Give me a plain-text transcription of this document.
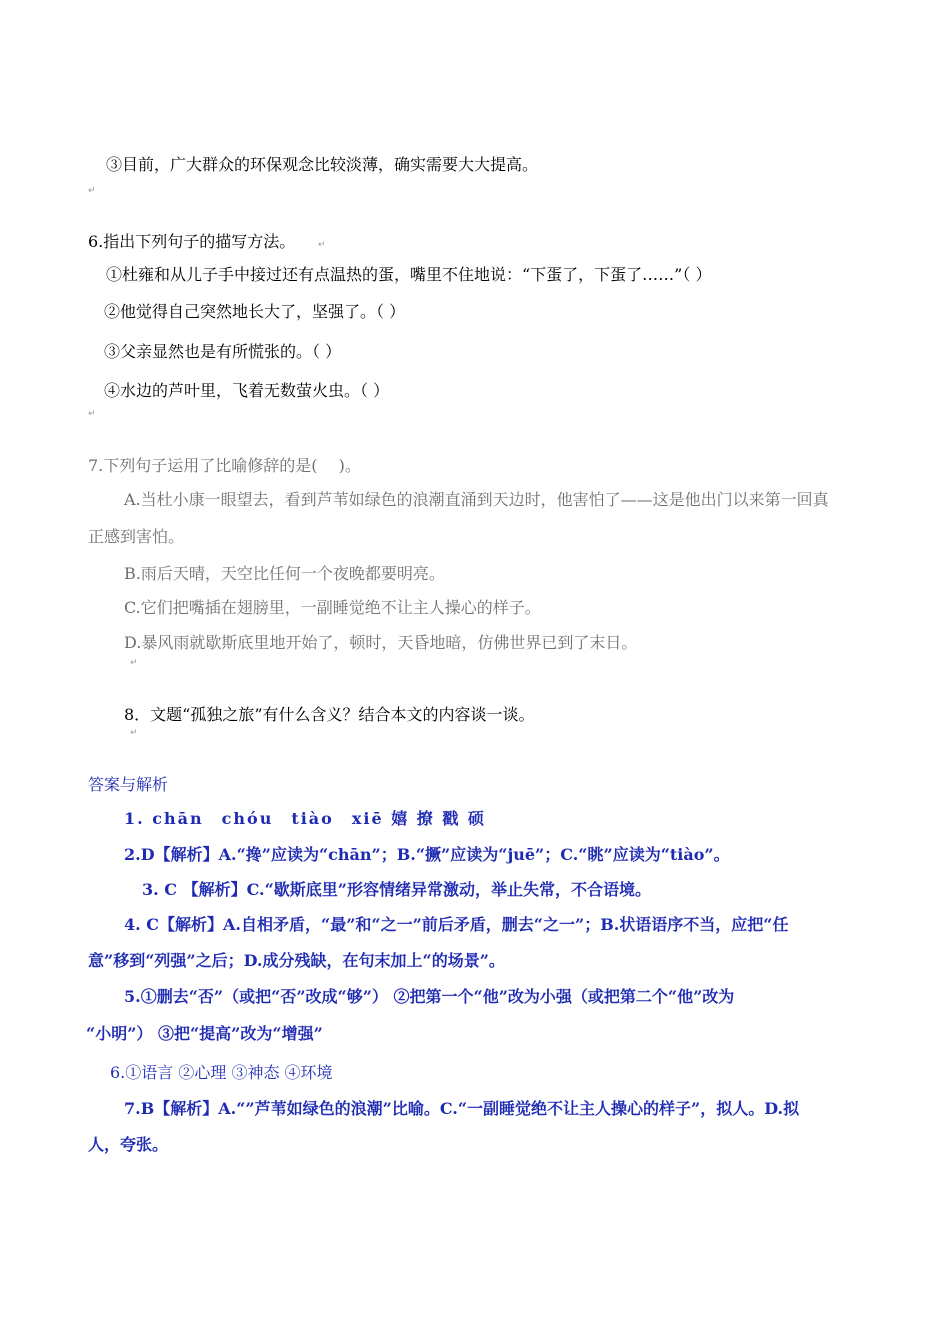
③目前，广大群众的环保观念比较淡薄，确实需要大大提高。
↵
6.指出下列句子的描写方法。	↵
①杜雍和从儿子手中接过还有点温热的蛋，嘴里不住地说：“下蛋了，下蛋了……”（ ）
②他觉得自己突然地长大了，坚强了。（ ）
③父亲显然也是有所慌张的。（ ）
④水边的芦叶里，飞着无数萤火虫。（ ）
↵
7.下列句子运用了比喻修辞的是(　 )。
A.当杜小康一眼望去，看到芦苇如绿色的浪潮直涌到天边时，他害怕了——这是他出门以来第一回真
正感到害怕。
B.雨后天晴，天空比任何一个夜晚都要明亮。
C.它们把嘴插在翅膀里，一副睡觉绝不让主人操心的样子。
D.暴风雨就歇斯底里地开始了，顿时，天昏地暗，仿佛世界已到了末日。
↵
8．文题“孤独之旅”有什么含义？结合本文的内容谈一谈。
↵
答案与解析
1. chān　chóu　tiào　xiē 嬉 撩 戳 硕
2.D【解析】A.“搀”应读为“chān”；B.“撅”应读为“juē”；C.“眺”应读为“tiào”。
3. C 【解析】C.“歇斯底里”形容情绪异常激动，举止失常，不合语境。
4. C【解析】A.自相矛盾，“最”和“之一”前后矛盾，删去“之一”；B.状语语序不当，应把“任
意”移到“列强”之后；D.成分残缺，在句末加上“的场景”。
5.①删去“否”（或把“否”改成“够”） ②把第一个“他”改为小强（或把第二个“他”改为
“小明”） ③把“提高”改为“增强”
6.①语言 ②心理 ③神态 ④环境
7.B【解析】A.“”芦苇如绿色的浪潮”比喻。C.“一副睡觉绝不让主人操心的样子”，拟人。D.拟
人，夸张。
